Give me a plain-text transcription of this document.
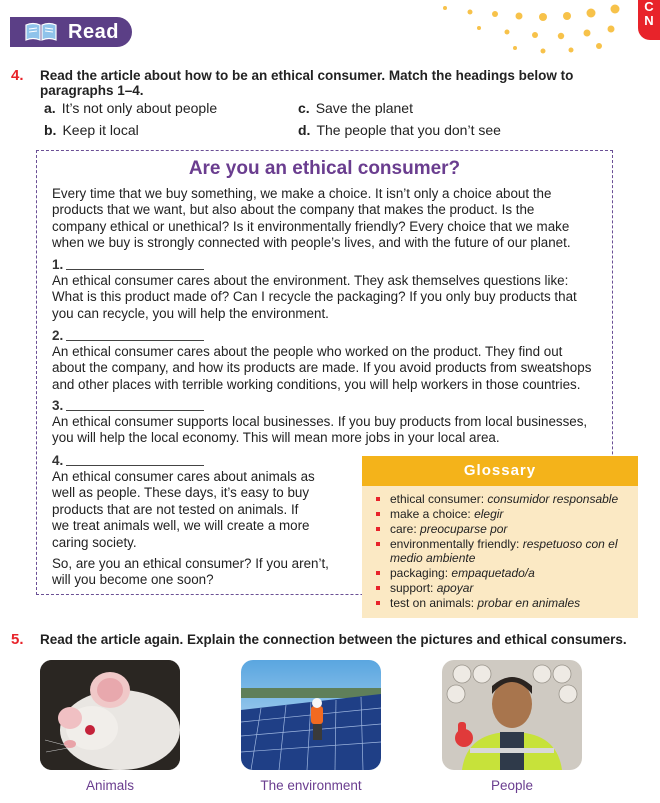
Read
C
N
4. Read the article about how to be an ethical consumer. Match the headings below to paragraphs 1–4.
a. It’s not only about people
b. Keep it local
c. Save the planet
d. The people that you don’t see
Are you an ethical consumer?
Every time that we buy something, we make a choice. It isn’t only a choice about the
products that we want, but also about the company that makes the product. Is the
company ethical or unethical? Is it environmentally friendly? Every choice that we make
when we buy is strongly connected with people’s lives, and with the future of our planet.
1.
An ethical consumer cares about the environment. They ask themselves questions like:
What is this product made of? Can I recycle the packaging? If you only buy products that
you can recycle, you will help the environment.
2.
An ethical consumer cares about the people who worked on the product. They find out
about the company, and how its products are made. If you avoid products from sweatshops
and other places with terrible working conditions, you will help workers in those countries.
3.
An ethical consumer supports local businesses. If you buy products from local businesses,
you will help the local economy. This will mean more jobs in your local area.
4.
An ethical consumer cares about animals as
well as people. These days, it’s easy to buy
products that are not tested on animals. If
we treat animals well, we will create a more
caring society.
So, are you an ethical consumer? If you aren’t,
will you become one soon?
Glossary
ethical consumer: consumidor responsable
make a choice: elegir
care: preocuparse por
environmentally friendly: respetuoso con el medio ambiente
packaging: empaquetado/a
support: apoyar
test on animals: probar en animales
5. Read the article again. Explain the connection between the pictures and ethical consumers.
Animals	The environment	People
